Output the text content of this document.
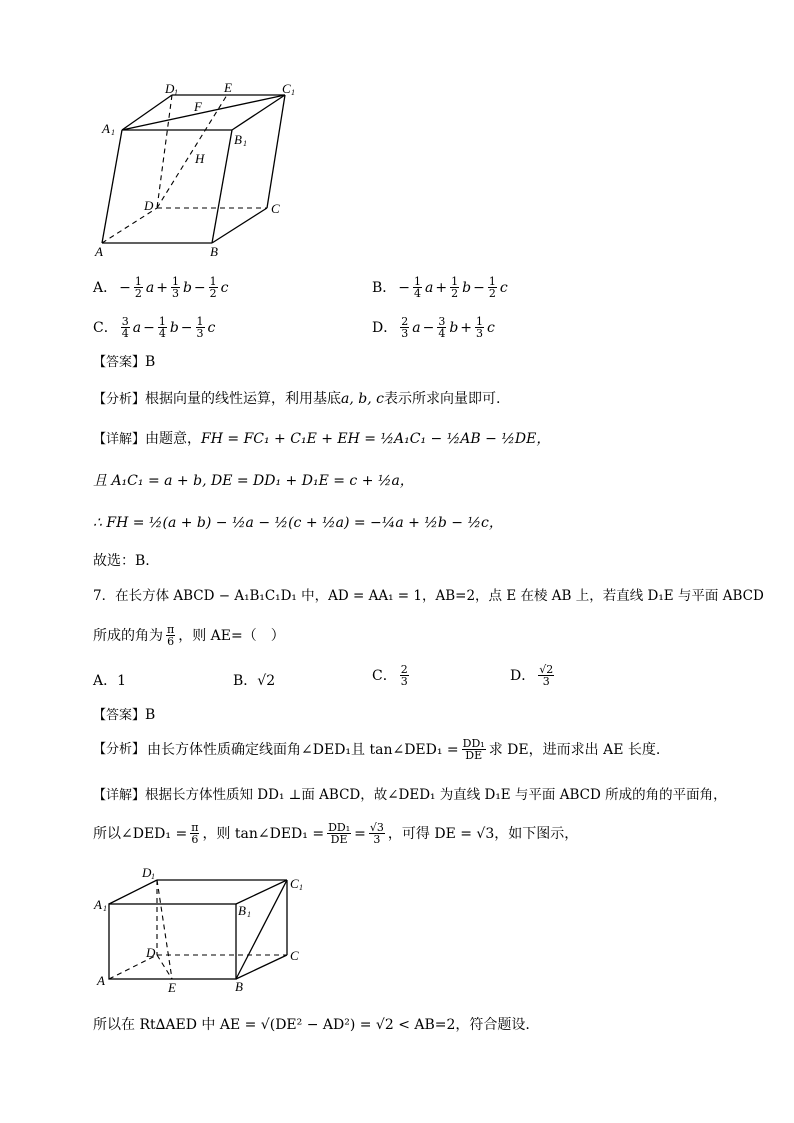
D 1	E	C 1
F
A 1	B 1
H
D	C
A	B
A． − $\frac{1}{2}$ $a + \frac{1}{3}$ $b - \frac{1}{2}$ c	B． − $\frac{1}{4}$ $a + \frac{1}{2}$ $b - \frac{1}{2}$ c
C． $\frac{3}{4}$ $a - \frac{1}{4}$ $b - \frac{1}{3}$ c	D． $\frac{2}{3}$ $a - \frac{3}{4}$ $b + \frac{1}{3}$ c
【答案】B
【分析】根据向量的线性运算，利用基底a, b, c表示所求向量即可.
【详解】由题意，FH = FC₁ + C₁E + EH = ½A₁C₁ − ½AB − ½DE，
且 A₁C₁ = a + b, DE = DD₁ + D₁E = c + ½a，
∴ FH = ½(a + b) − ½a − ½(c + ½a) = −¼a + ½b − ½c，
故选：B.
7．在长方体 ABCD − A₁B₁C₁D₁ 中，AD = AA₁ = 1，AB=2，点 E 在棱 AB 上，若直线 D₁E 与平面 ABCD
所成的角为 $\frac{\pi}{6}$ ，则 AE=（　）
A．1	B．√2	C． $\frac{2}{3}$	D． $\frac{√2}{3}$
【答案】B
【分析】 由长方体性质确定线面角∠DED₁且 tan∠DED₁ = $\frac{\text{DD₁}}{DE}$ 求 DE，进而求出 AE 长度.
【详解】根据长方体性质知 DD₁ ⊥面 ABCD，故∠DED₁ 为直线 D₁E 与平面 ABCD 所成的角的平面角，
所以∠DED₁ = $\frac{\pi}{6}$ ，则 tan∠DED₁ = $\frac{\text{DD₁}}{DE} = \frac{√3}{3}$ ，可得 DE = √3，如下图示，
D 1	C 1
A 1	B 1
D	C
A	E	B
所以在 Rt∆AED 中 AE = √(DE² − AD²) = √2 < AB=2，符合题设.
